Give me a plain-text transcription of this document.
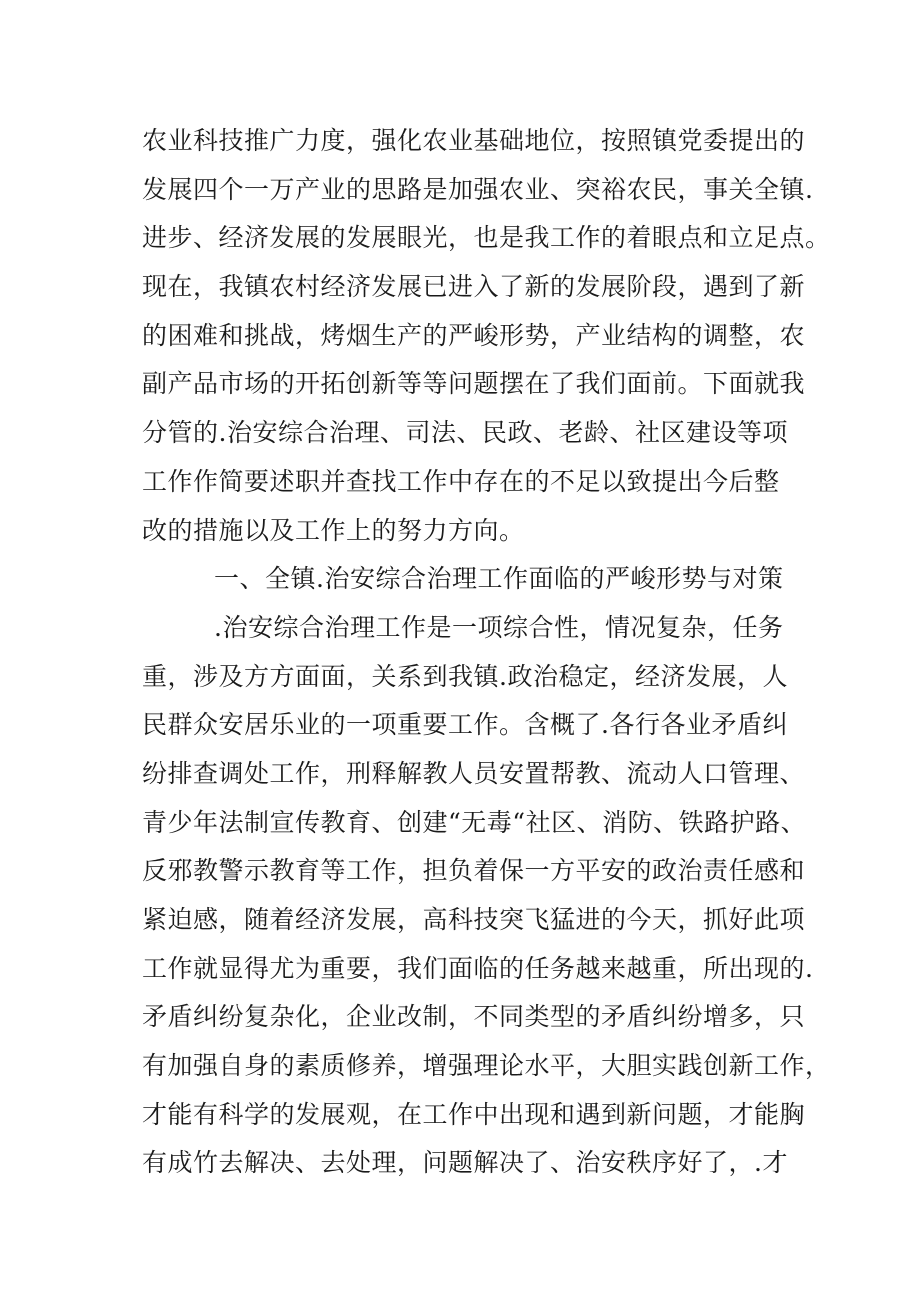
农业科技推广力度，强化农业基础地位，按照镇党委提出的
发展四个一万产业的思路是加强农业、突裕农民，事关全镇.
进步、经济发展的发展眼光，也是我工作的着眼点和立足点。
现在，我镇农村经济发展已进入了新的发展阶段，遇到了新
的困难和挑战，烤烟生产的严峻形势，产业结构的调整，农
副产品市场的开拓创新等等问题摆在了我们面前。下面就我
分管的.治安综合治理、司法、民政、老龄、社区建设等项
工作作简要述职并查找工作中存在的不足以致提出今后整
改的措施以及工作上的努力方向。
一、全镇.治安综合治理工作面临的严峻形势与对策
.治安综合治理工作是一项综合性，情况复杂，任务
重，涉及方方面面，关系到我镇.政治稳定，经济发展，人
民群众安居乐业的一项重要工作。含概了.各行各业矛盾纠
纷排查调处工作，刑释解教人员安置帮教、流动人口管理、
青少年法制宣传教育、创建“无毒“社区、消防、铁路护路、
反邪教警示教育等工作，担负着保一方平安的政治责任感和
紧迫感，随着经济发展，高科技突飞猛进的今天，抓好此项
工作就显得尤为重要，我们面临的任务越来越重，所出现的.
矛盾纠纷复杂化，企业改制，不同类型的矛盾纠纷增多，只
有加强自身的素质修养，增强理论水平，大胆实践创新工作，
才能有科学的发展观，在工作中出现和遇到新问题，才能胸
有成竹去解决、去处理，问题解决了、治安秩序好了，.才
